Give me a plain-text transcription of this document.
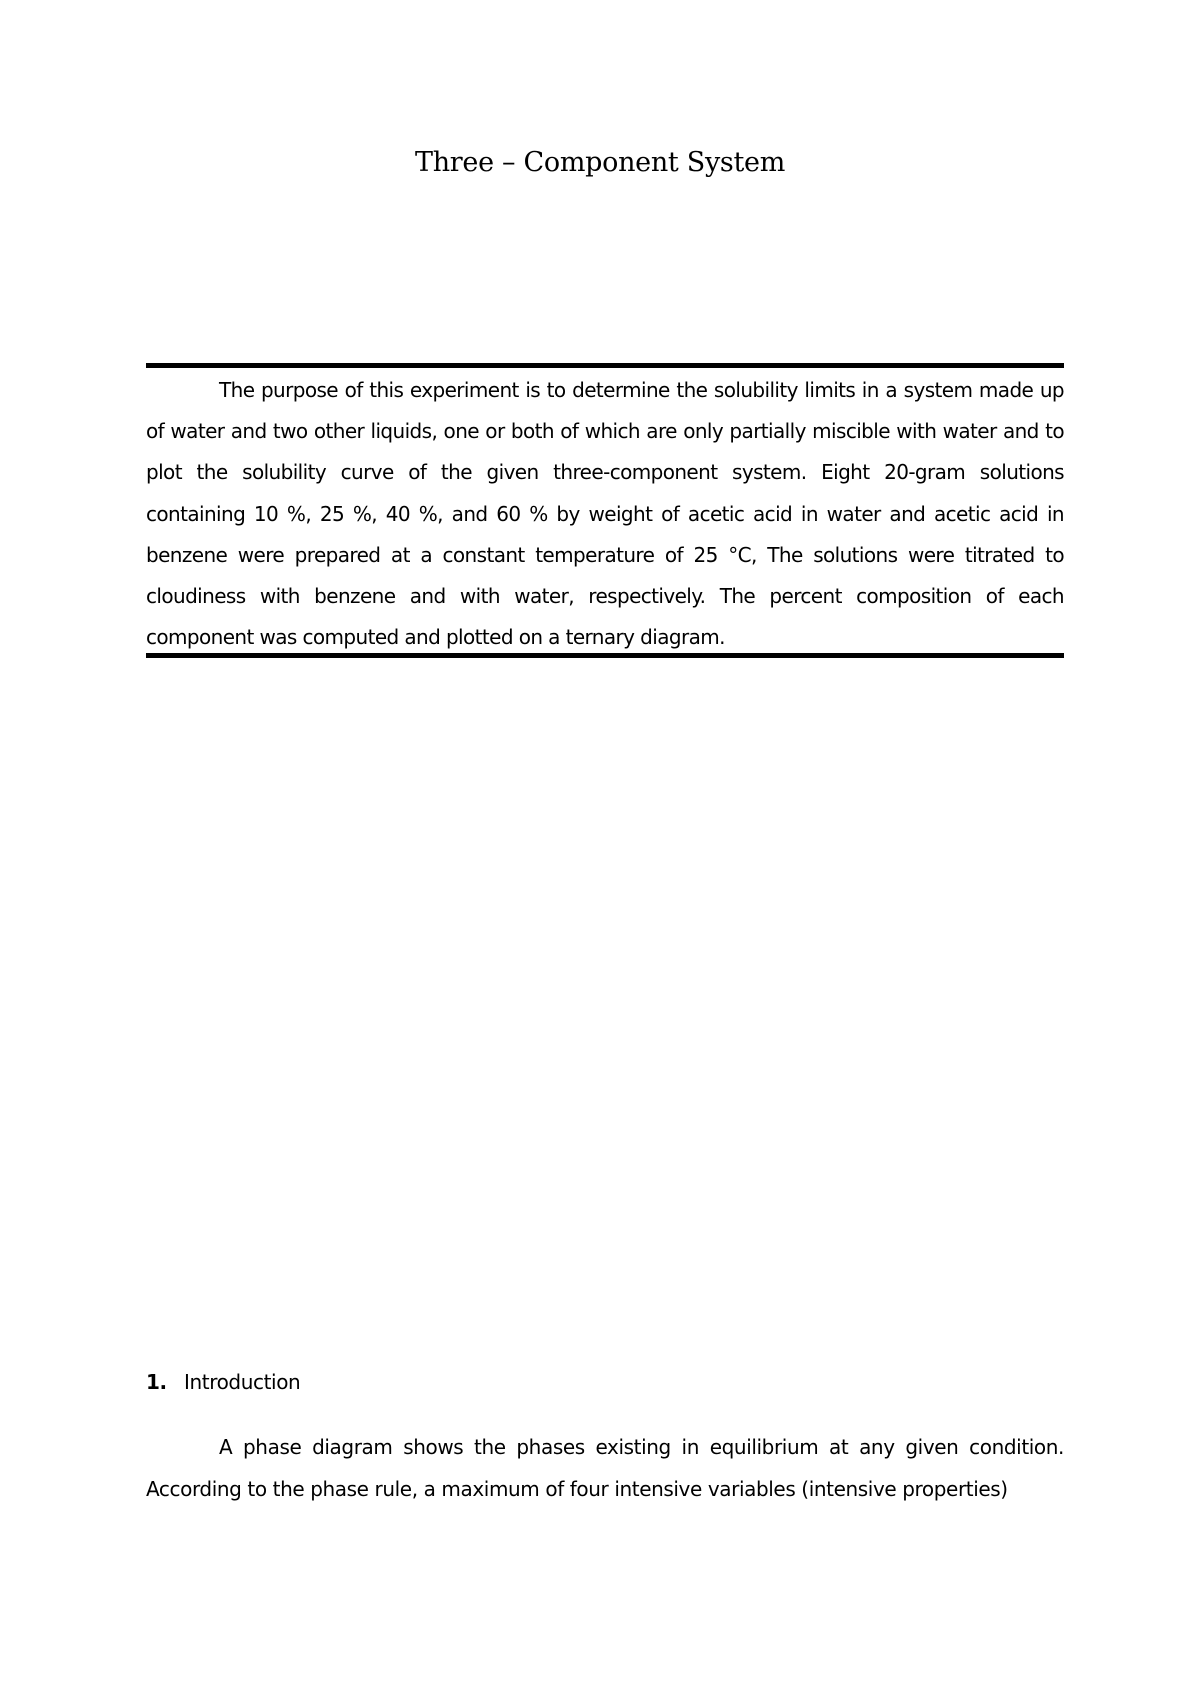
Three – Component System

The purpose of this experiment is to determine the solubility limits in a system made up of water and two other liquids, one or both of which are only partially miscible with water and to plot the solubility curve of the given three-component system. Eight 20-gram solutions containing 10 %, 25 %, 40 %, and 60 % by weight of acetic acid in water and acetic acid in benzene were prepared at a constant temperature of 25 °C, The solutions were titrated to cloudiness with benzene and with water, respectively. The percent composition of each component was computed and plotted on a ternary diagram.

1. Introduction

A phase diagram shows the phases existing in equilibrium at any given condition. According to the phase rule, a maximum of four intensive variables (intensive properties)
